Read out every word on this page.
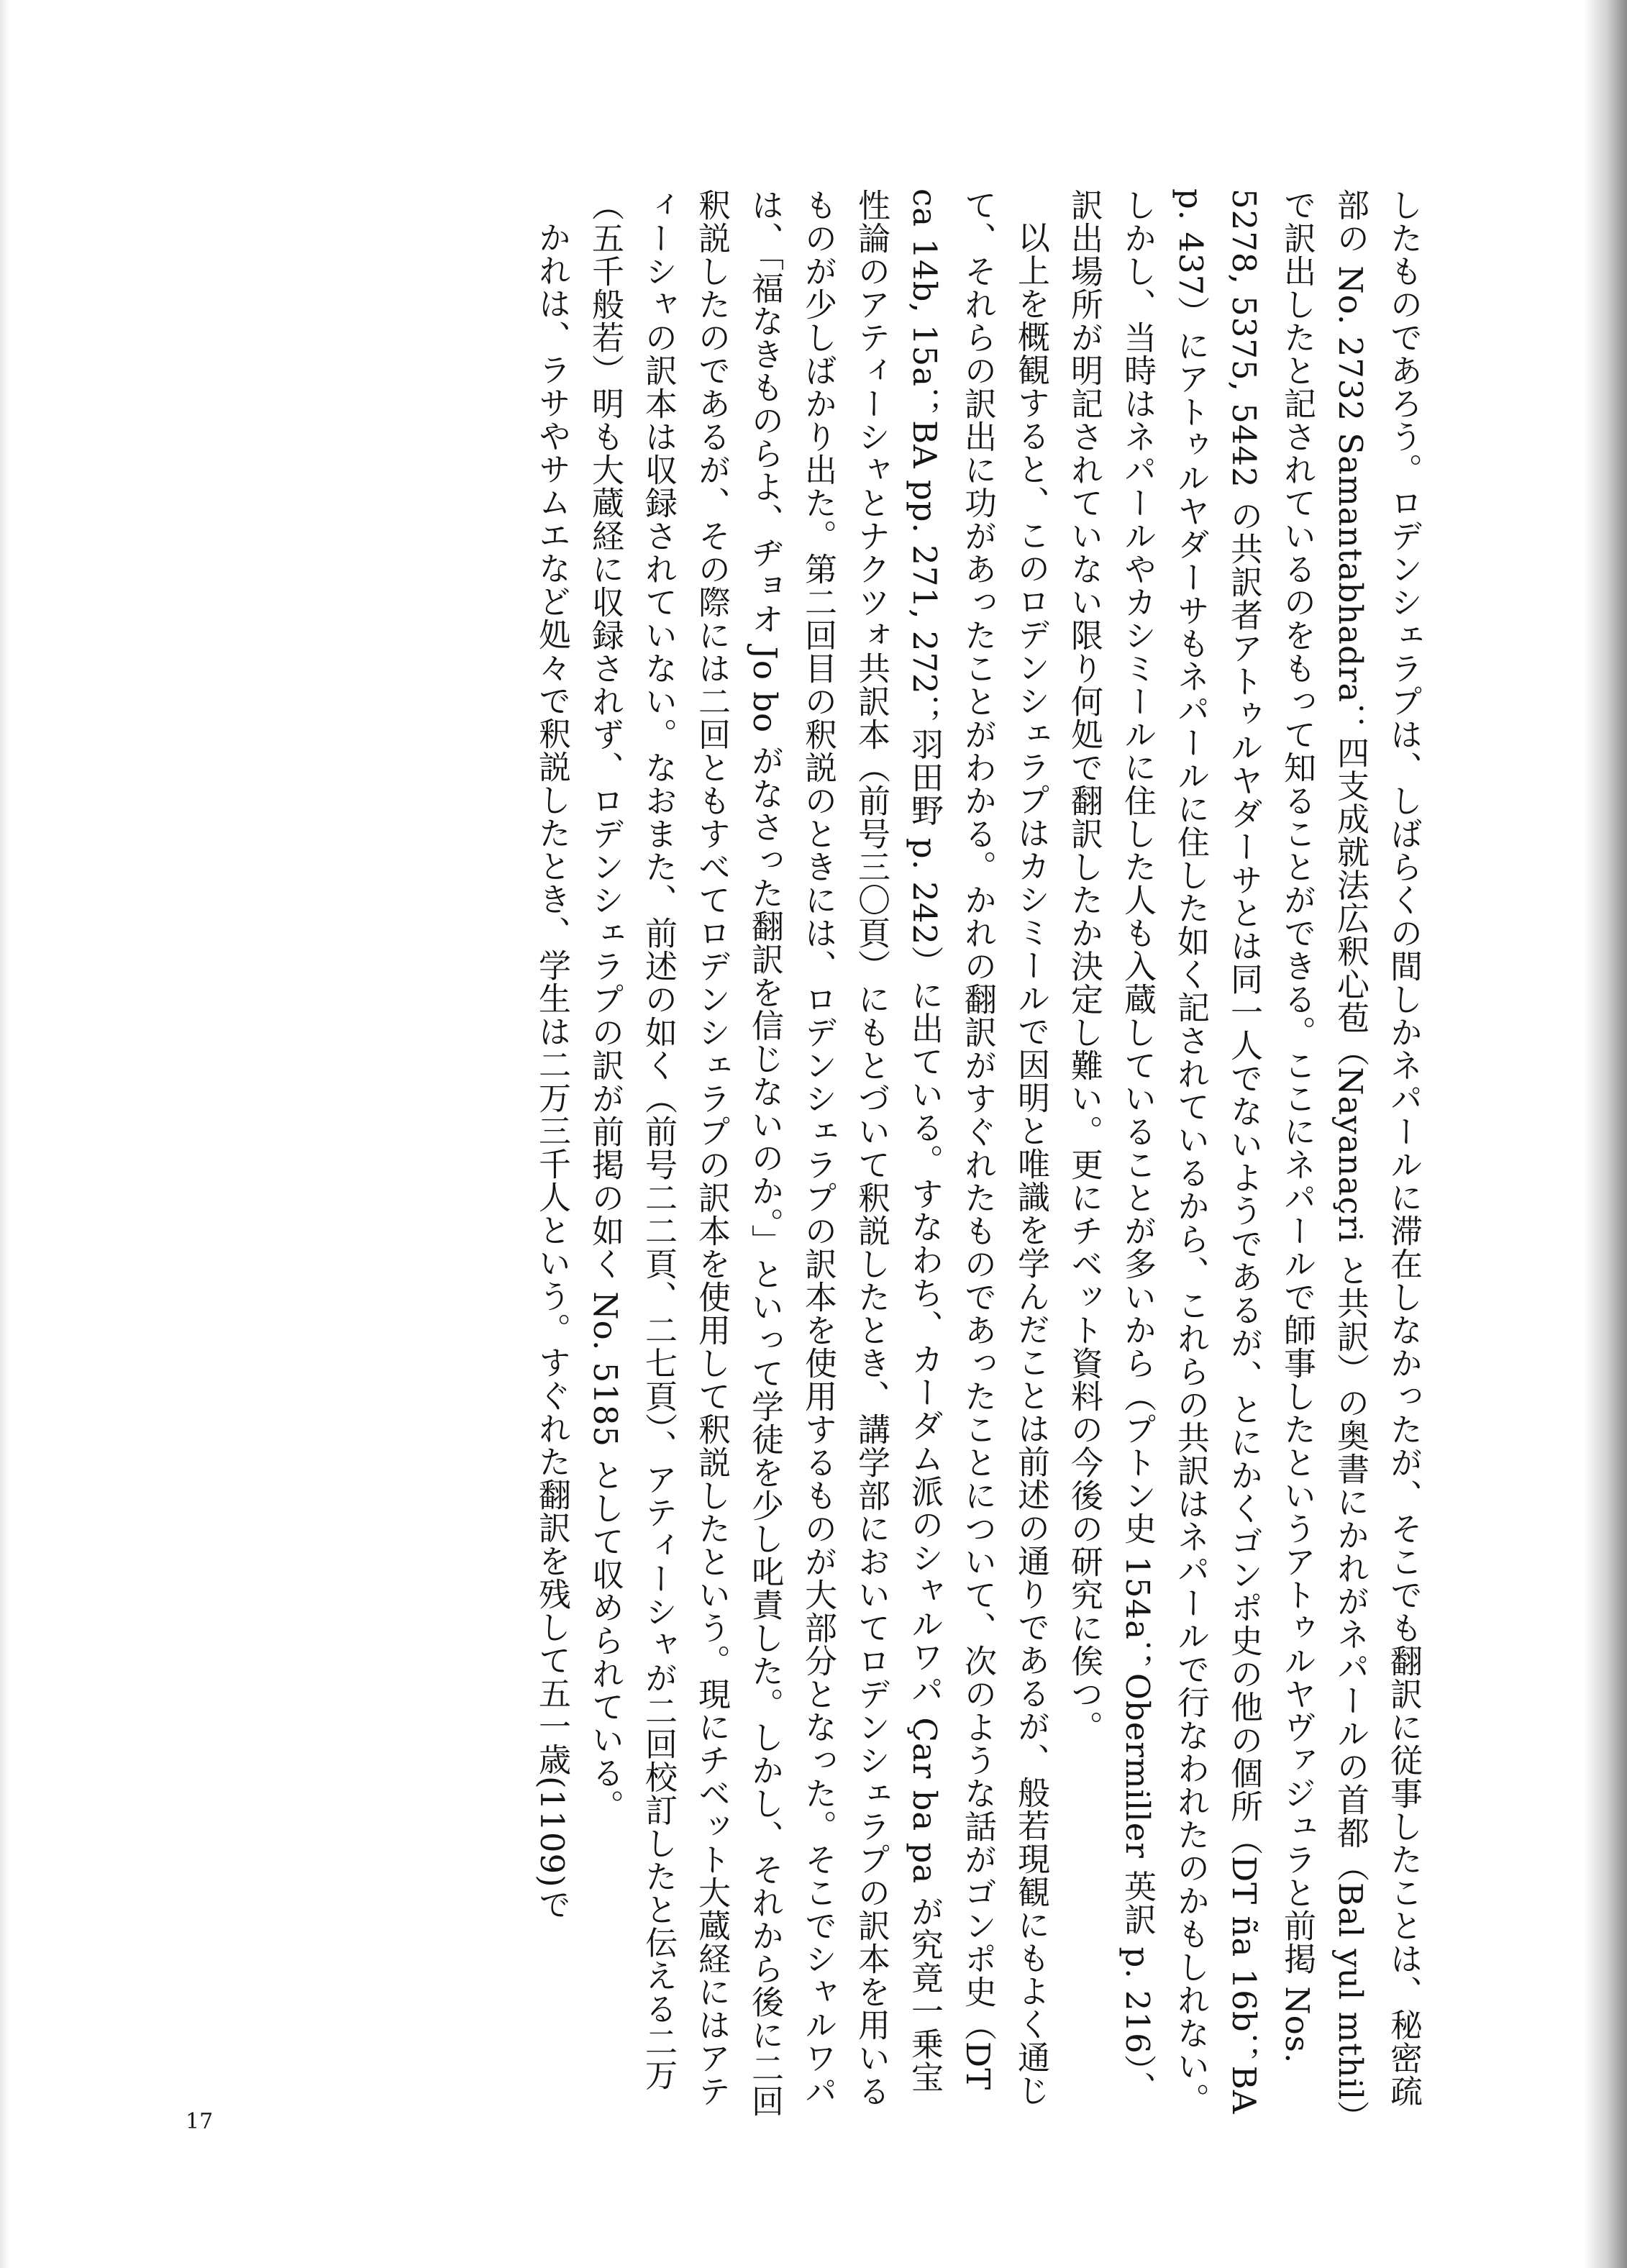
したものであろう。ロデンシェラプは、しばらくの間しかネパールに滞在しなかったが、そこでも翻訳に従事したことは、秘密疏部の No. 2732 Samantabhadra：四支成就法広釈心苞（Nayanaçri と共訳）の奥書にかれがネパールの首都（Bal yul mthil）で訳出したと記されているのをもって知ることができる。ここにネパールで師事したというアトゥルヤヴァジュラと前掲 Nos. 5278, 5375, 5442 の共訳者アトゥルヤダーサとは同一人でないようであるが、とにかくゴンポ史の他の個所（DT ña 16b；BA p. 437）にアトゥルヤダーサもネパールに住した如く記されているから、これらの共訳はネパールで行なわれたのかもしれない。しかし、当時はネパールやカシミールに住した人も入蔵していることが多いから（プトン史 154a；Obermiller 英訳 p. 216）、訳出場所が明記されていない限り何処で翻訳したか決定し難い。更にチベット資料の今後の研究に俟つ。

以上を概観すると、このロデンシェラプはカシミールで因明と唯識を学んだことは前述の通りであるが、般若現観にもよく通じて、それらの訳出に功があったことがわかる。かれの翻訳がすぐれたものであったことについて、次のような話がゴンポ史（DT ca 14b, 15a；BA pp. 271, 272；羽田野 p. 242）に出ている。すなわち、カーダム派のシャルワパ Çar ba pa が究竟一乗宝性論のアティーシャとナクツォ共訳本（前号三〇頁）にもとづいて釈説したとき、講学部においてロデンシェラプの訳本を用いるものが少しばかり出た。第二回目の釈説のときには、ロデンシェラプの訳本を使用するものが大部分となった。そこでシャルワパは、「福なきものらよ、ヂョオ Jo bo がなさった翻訳を信じないのか。」といって学徒を少し叱責した。しかし、それから後に二回釈説したのであるが、その際には二回ともすべてロデンシェラプの訳本を使用して釈説したという。現にチベット大蔵経にはアティーシャの訳本は収録されていない。なおまた、前述の如く（前号二二頁、二七頁）、アティーシャが二回校訂したと伝える二万（五千般若）明も大蔵経に収録されず、ロデンシェラプの訳が前掲の如く No. 5185 として収められている。

かれは、ラサやサムエなど処々で釈説したとき、学生は二万三千人という。すぐれた翻訳を残して五一歳(1109)で

17
